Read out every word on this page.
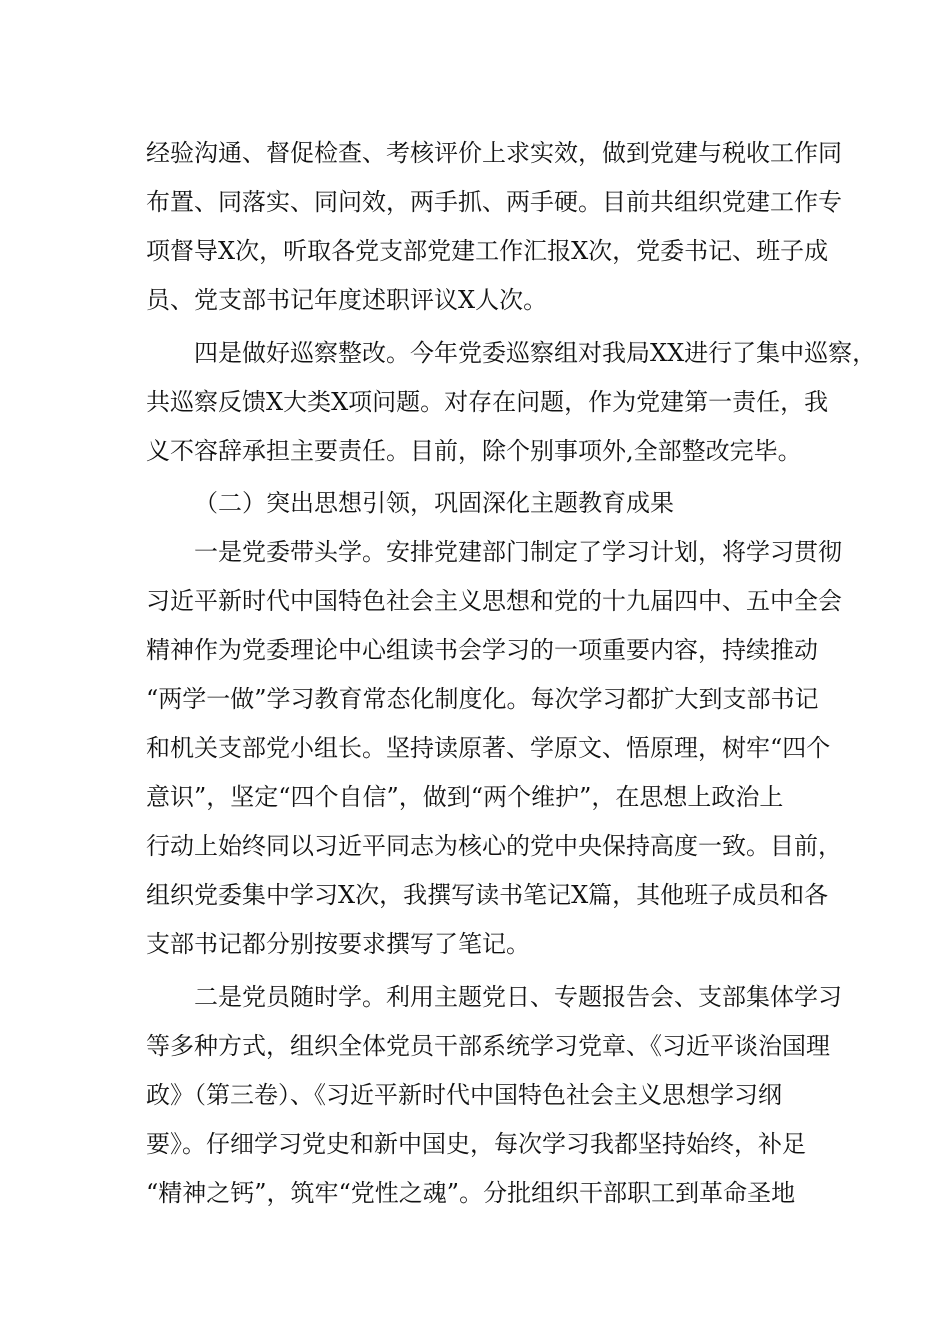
经验沟通、督促检查、考核评价上求实效，做到党建与税收工作同
布置、同落实、同问效，两手抓、两手硬。目前共组织党建工作专
项督导X次，听取各党支部党建工作汇报X次，党委书记、班子成
员、党支部书记年度述职评议X人次。
四是做好巡察整改。今年党委巡察组对我局XX进行了集中巡察，
共巡察反馈X大类X项问题。对存在问题，作为党建第一责任，我
义不容辞承担主要责任。目前，除个别事项外,全部整改完毕。
（二）突出思想引领，巩固深化主题教育成果
一是党委带头学。安排党建部门制定了学习计划，将学习贯彻
习近平新时代中国特色社会主义思想和党的十九届四中、五中全会
精神作为党委理论中心组读书会学习的一项重要内容，持续推动
“两学一做”学习教育常态化制度化。每次学习都扩大到支部书记
和机关支部党小组长。坚持读原著、学原文、悟原理，树牢“四个
意识”，坚定“四个自信”，做到“两个维护”，在思想上政治上
行动上始终同以习近平同志为核心的党中央保持高度一致。目前，
组织党委集中学习X次，我撰写读书笔记X篇，其他班子成员和各
支部书记都分别按要求撰写了笔记。
二是党员随时学。利用主题党日、专题报告会、支部集体学习
等多种方式，组织全体党员干部系统学习党章、《习近平谈治国理
政》（第三卷）、《习近平新时代中国特色社会主义思想学习纲
要》。仔细学习党史和新中国史，每次学习我都坚持始终，补足
“精神之钙”，筑牢“党性之魂”。分批组织干部职工到革命圣地
